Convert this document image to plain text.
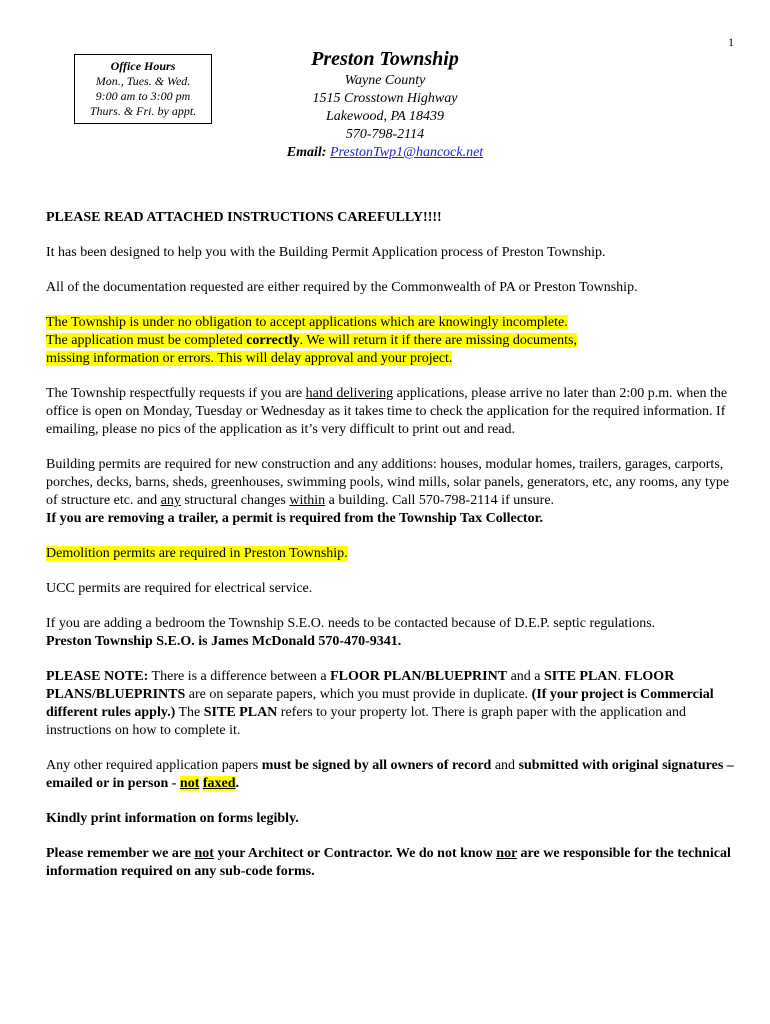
1
Office Hours
Mon., Tues. & Wed.
9:00 am to 3:00 pm
Thurs. & Fri. by appt.
Preston Township
Wayne County
1515 Crosstown Highway
Lakewood, PA 18439
570-798-2114
Email: PrestonTwp1@hancock.net

PLEASE READ ATTACHED INSTRUCTIONS CAREFULLY!!!!

It has been designed to help you with the Building Permit Application process of Preston Township.

All of the documentation requested are either required by the Commonwealth of PA or Preston Township.

The Township is under no obligation to accept applications which are knowingly incomplete.
The application must be completed correctly. We will return it if there are missing documents,
missing information or errors. This will delay approval and your project.

The Township respectfully requests if you are hand delivering applications, please arrive no later than 2:00 p.m. when the office is open on Monday, Tuesday or Wednesday as it takes time to check the application for the required information. If emailing, please no pics of the application as it’s very difficult to print out and read.

Building permits are required for new construction and any additions: houses, modular homes, trailers, garages, carports, porches, decks, barns, sheds, greenhouses, swimming pools, wind mills, solar panels, generators, etc, any rooms, any type of structure etc. and any structural changes within a building. Call 570-798-2114 if unsure.
If you are removing a trailer, a permit is required from the Township Tax Collector.

Demolition permits are required in Preston Township.

UCC permits are required for electrical service.

If you are adding a bedroom the Township S.E.O. needs to be contacted because of D.E.P. septic regulations.
Preston Township S.E.O. is James McDonald 570-470-9341.

PLEASE NOTE: There is a difference between a FLOOR PLAN/BLUEPRINT and a SITE PLAN. FLOOR PLANS/BLUEPRINTS are on separate papers, which you must provide in duplicate. (If your project is Commercial different rules apply.) The SITE PLAN refers to your property lot. There is graph paper with the application and instructions on how to complete it.

Any other required application papers must be signed by all owners of record and submitted with original signatures – emailed or in person - not faxed.

Kindly print information on forms legibly.

Please remember we are not your Architect or Contractor. We do not know nor are we responsible for the technical information required on any sub-code forms.
